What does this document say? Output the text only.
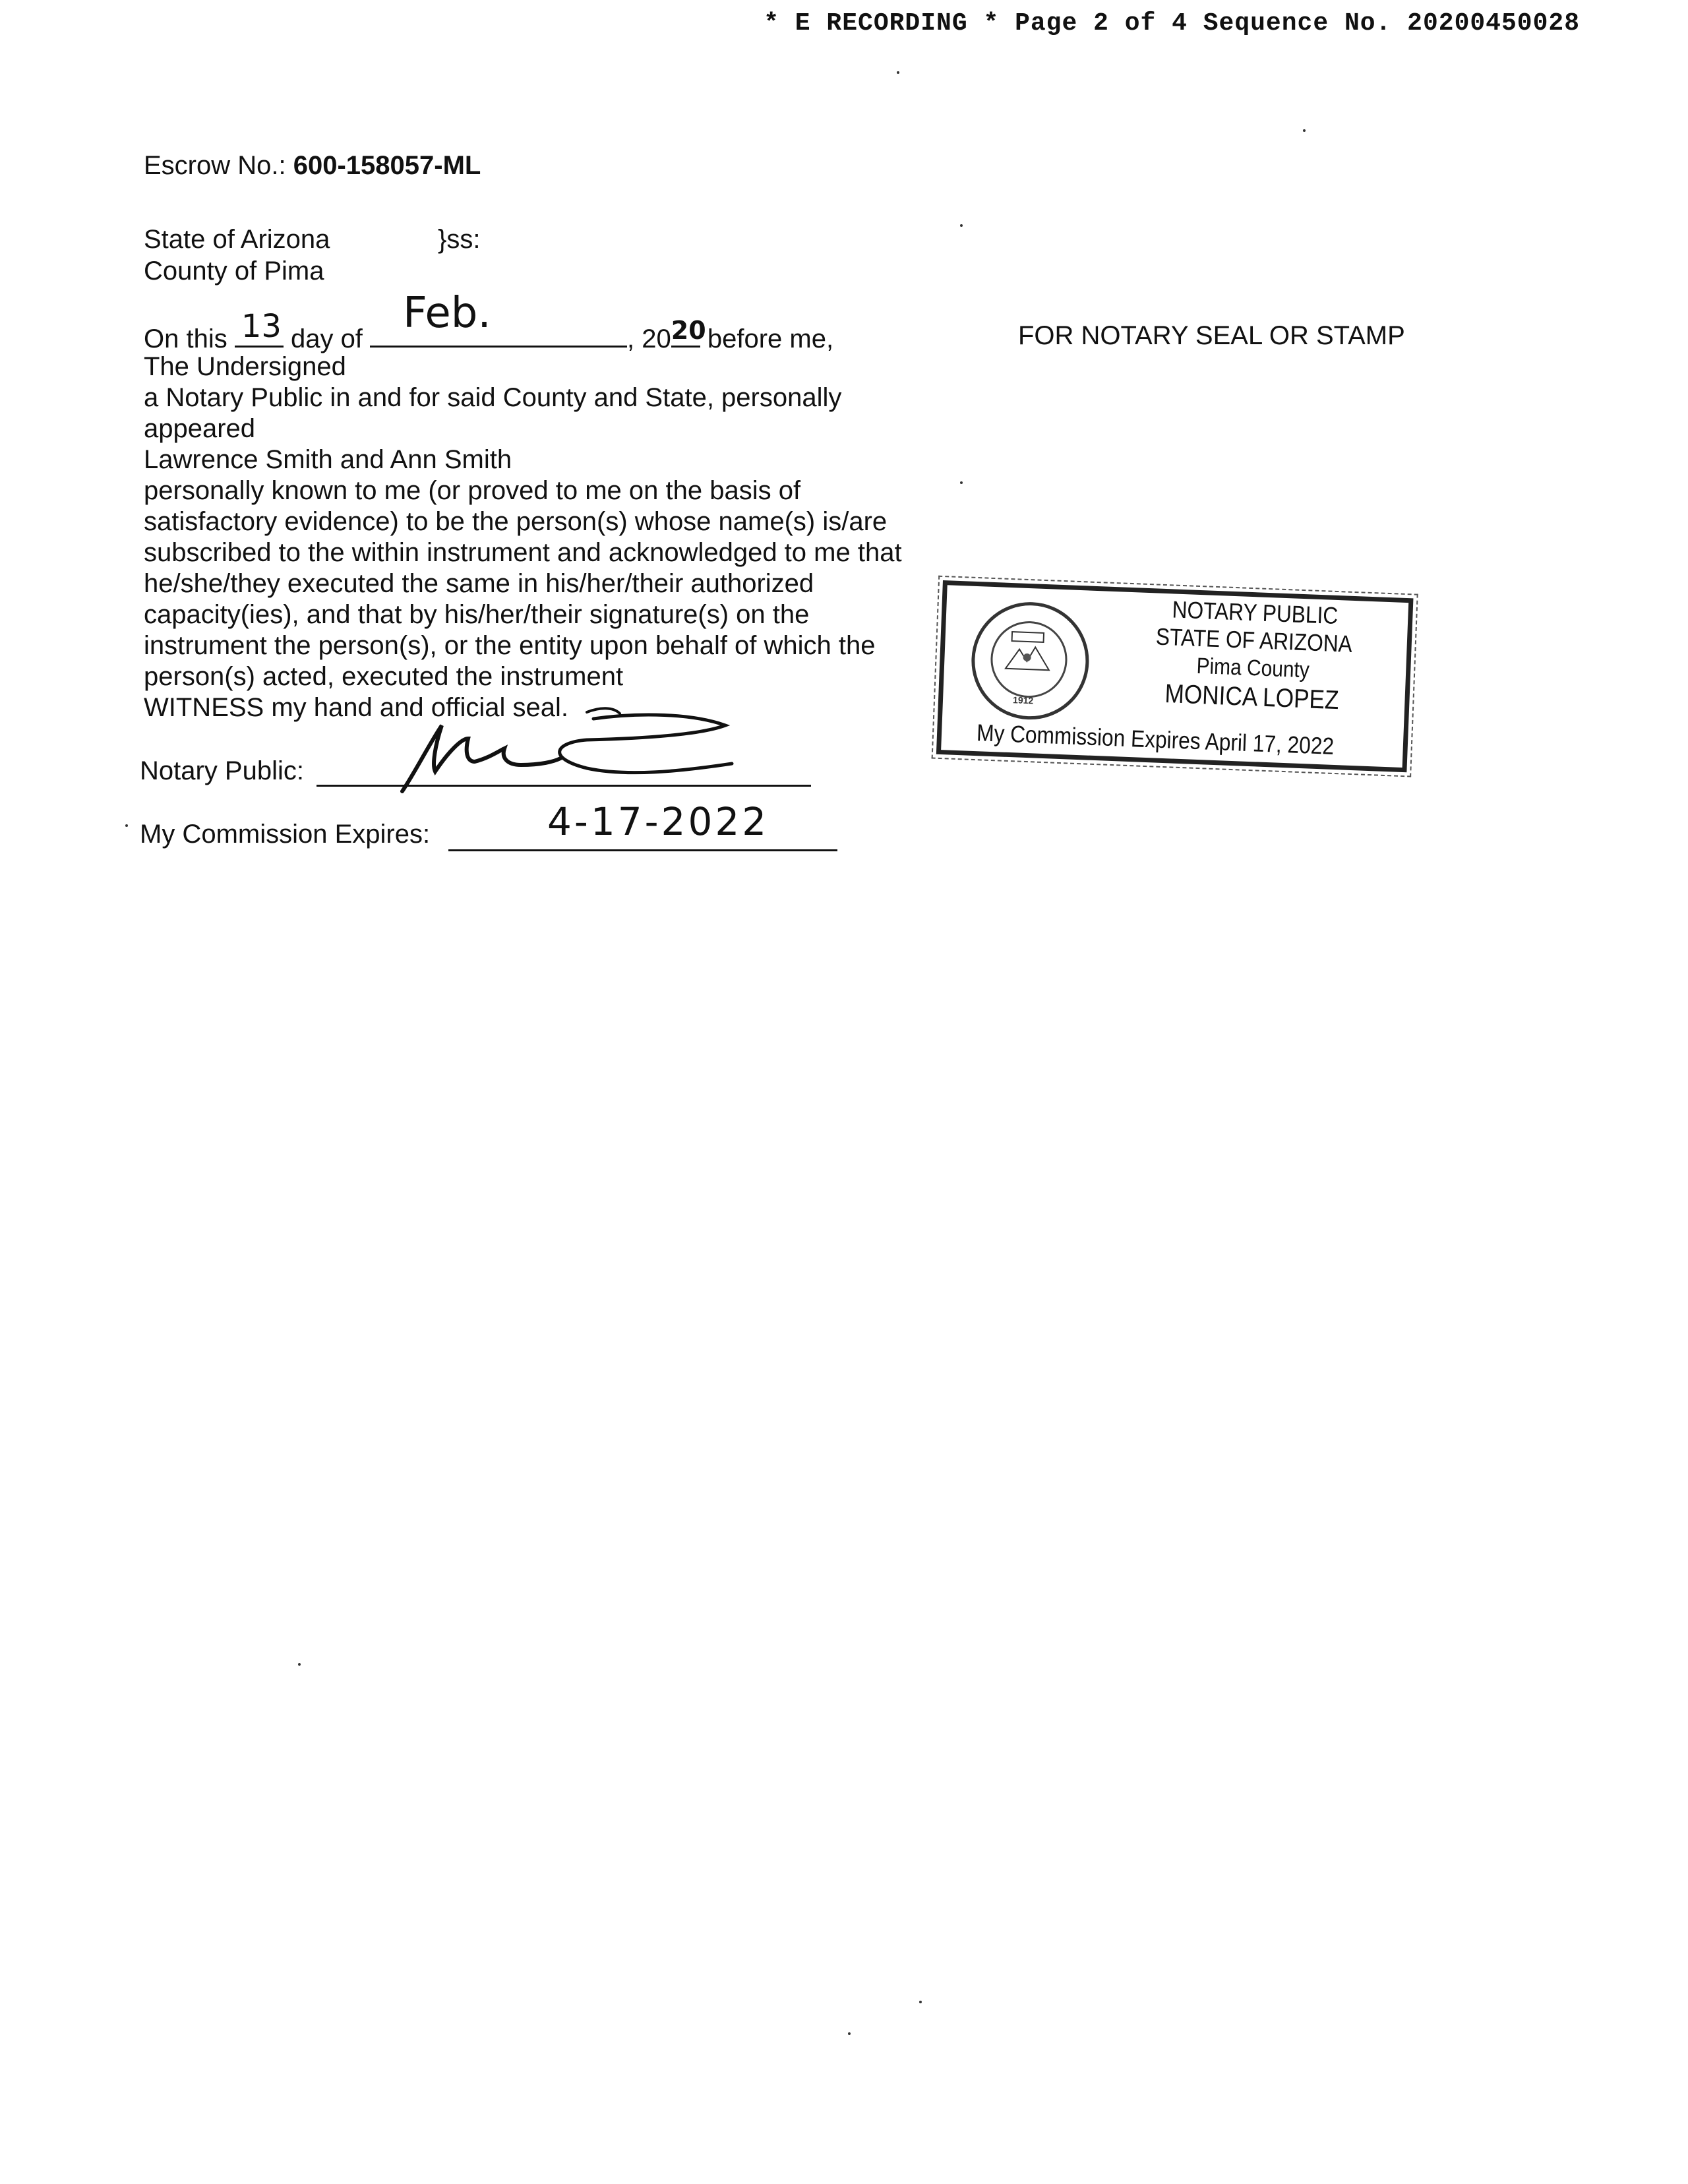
* E RECORDING * Page 2 of 4 Sequence No. 20200450028
Escrow No.: 600-158057-ML
State of Arizona	}ss:
County of Pima
On this 13 day of
Feb.
, 20 20
before me,	FOR NOTARY SEAL OR STAMP
The Undersigned
a Notary Public in and for said County and State, personally
appeared
Lawrence Smith and Ann Smith
personally known to me (or proved to me on the basis of
satisfactory evidence) to be the person(s) whose name(s) is/are
subscribed to the within instrument and acknowledged to me that
he/she/they executed the same in his/her/their authorized
capacity(ies), and that by his/her/their signature(s) on the
instrument the person(s), or the entity upon behalf of which the
person(s) acted, executed the instrument
WITNESS my hand and official seal.
Notary Public:
My Commission Expires:	4-17-2022
1912
NOTARY PUBLIC
STATE OF ARIZONA
Pima County
MONICA LOPEZ
My Commission Expires April 17, 2022
